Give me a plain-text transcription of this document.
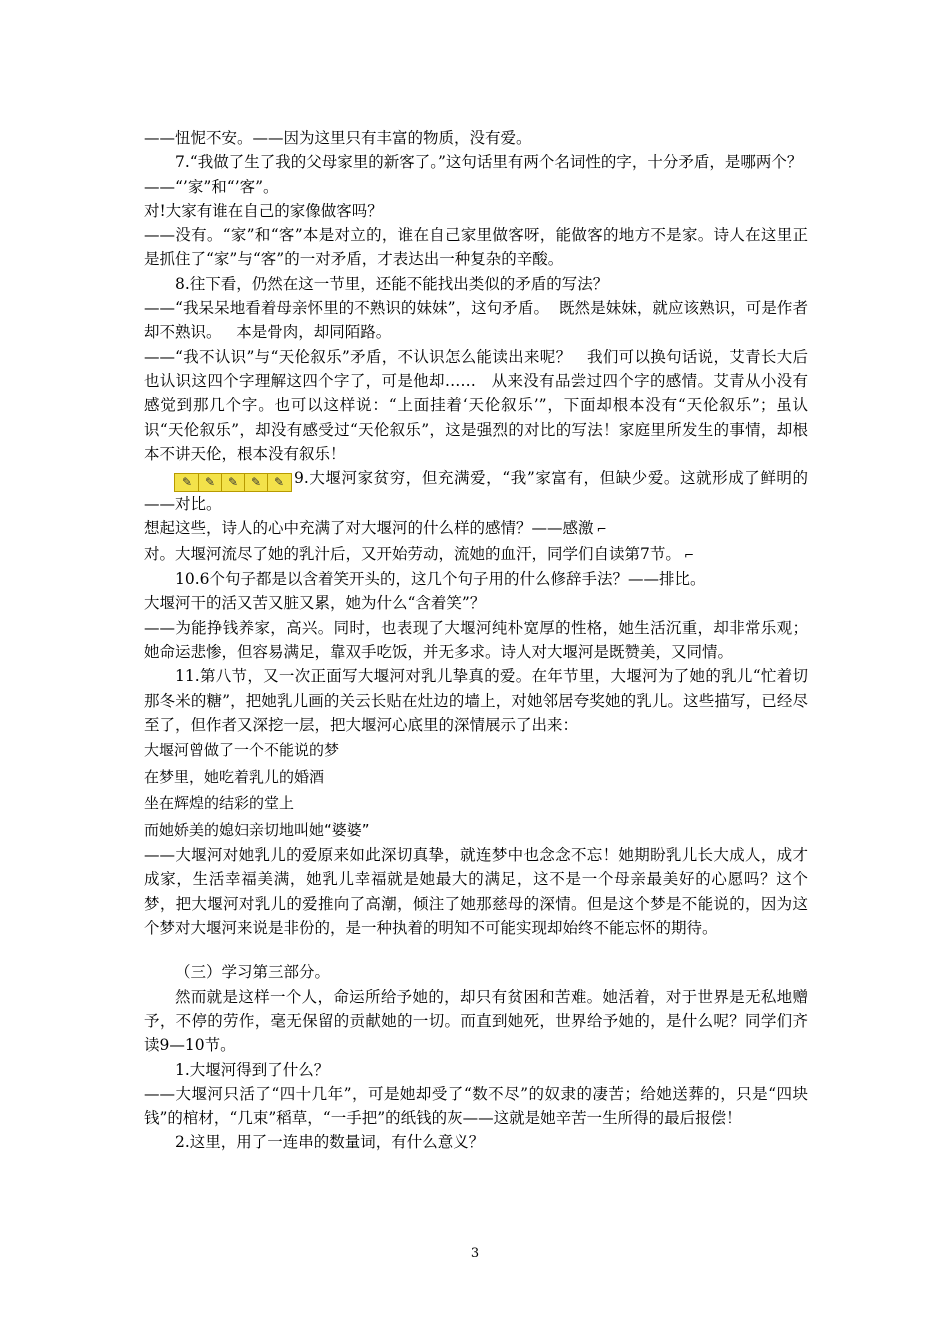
——忸怩不安。——因为这里只有丰富的物质，没有爱。

7.“我做了生了我的父母家里的新客了。”这句话里有两个名词性的字，十分矛盾，是哪两个？

——“’家”和“’客”。

对!大家有谁在自己的家像做客吗？

——没有。“家”和“客”本是对立的，谁在自己家里做客呀，能做客的地方不是家。诗人在这里正是抓住了“家”与“客”的一对矛盾，才表达出一种复杂的辛酸。

8.往下看，仍然在这一节里，还能不能找出类似的矛盾的写法？

——“我呆呆地看着母亲怀里的不熟识的妹妹”，这句矛盾。  既然是妹妹，就应该熟识，可是作者却不熟识。   本是骨肉，却同陌路。

——“我不认识”与“天伦叙乐”矛盾，不认识怎么能读出来呢？   我们可以换句话说，艾青长大后也认识这四个字理解这四个字了，可是他却……   从来没有品尝过四个字的感情。艾青从小没有感觉到那几个字。也可以这样说：“上面挂着‘天伦叙乐’”，下面却根本没有“天伦叙乐”；虽认识“天伦叙乐”，却没有感受过“天伦叙乐”，这是强烈的对比的写法！家庭里所发生的事情，却根本不讲天伦，根本没有叙乐！

✎	✎	✎	✎	✎ 9.大堰河家贫穷，但充满爱，“我”家富有，但缺少爱。这就形成了鲜明的——对比。

想起这些，诗人的心中充满了对大堰河的什么样的感情？——感激 ⌐

对。大堰河流尽了她的乳汁后，又开始劳动，流她的血汗，同学们自读第7节。 ⌐

10.6个句子都是以含着笑开头的，这几个句子用的什么修辞手法？——排比。

大堰河干的活又苦又脏又累，她为什么“含着笑”？

——为能挣钱养家，高兴。同时，也表现了大堰河纯朴宽厚的性格，她生活沉重，却非常乐观；她命运悲惨，但容易满足，靠双手吃饭，并无多求。诗人对大堰河是既赞美，又同情。

11.第八节，又一次正面写大堰河对乳儿挚真的爱。在年节里，大堰河为了她的乳儿“忙着切那冬米的糖”，把她乳儿画的关云长贴在灶边的墙上，对她邻居夸奖她的乳儿。这些描写，已经尽至了，但作者又深挖一层，把大堰河心底里的深情展示了出来：

大堰河曾做了一个不能说的梦

在梦里，她吃着乳儿的婚酒

坐在辉煌的结彩的堂上

而她娇美的媳妇亲切地叫她“婆婆”

——大堰河对她乳儿的爱原来如此深切真挚，就连梦中也念念不忘！她期盼乳儿长大成人，成才成家，生活幸福美满，她乳儿幸福就是她最大的满足，这不是一个母亲最美好的心愿吗？这个梦，把大堰河对乳儿的爱推向了高潮，倾注了她那慈母的深情。但是这个梦是不能说的，因为这个梦对大堰河来说是非份的，是一种执着的明知不可能实现却始终不能忘怀的期待。

（三）学习第三部分。

然而就是这样一个人，命运所给予她的，却只有贫困和苦难。她活着，对于世界是无私地赠予，不停的劳作，毫无保留的贡献她的一切。而直到她死，世界给予她的，是什么呢？同学们齐读9—10节。

1.大堰河得到了什么？

——大堰河只活了“四十几年”，可是她却受了“数不尽”的奴隶的凄苦；给她送葬的，只是“四块钱”的棺材，“几束”稻草，“一手把”的纸钱的灰——这就是她辛苦一生所得的最后报偿！

2.这里，用了一连串的数量词，有什么意义？

3
